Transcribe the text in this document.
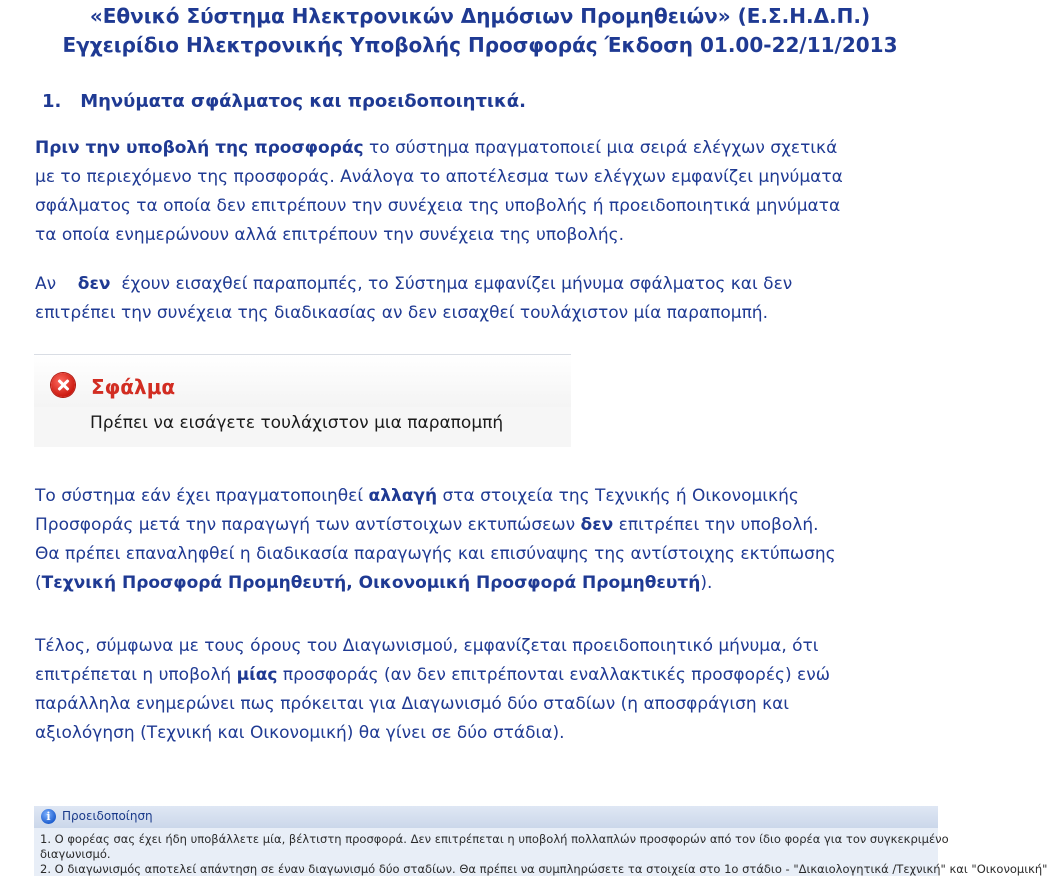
«Εθνικό Σύστημα Ηλεκτρονικών Δημόσιων Προμηθειών» (Ε.Σ.Η.Δ.Π.)
Εγχειρίδιο Ηλεκτρονικής Υποβολής Προσφοράς Έκδοση 01.00-22/11/2013
1. Μηνύματα σφάλματος και προειδοποιητικά.
Πριν την υποβολή της προσφοράς το σύστημα πραγματοποιεί μια σειρά ελέγχων σχετικά
με το περιεχόμενο της προσφοράς. Ανάλογα το αποτέλεσμα των ελέγχων εμφανίζει μηνύματα
σφάλματος τα οποία δεν επιτρέπουν την συνέχεια της υποβολής ή προειδοποιητικά μηνύματα
τα οποία ενημερώνουν αλλά επιτρέπουν την συνέχεια της υποβολής.
Αν δεν έχουν εισαχθεί παραπομπές, το Σύστημα εμφανίζει μήνυμα σφάλματος και δεν
επιτρέπει την συνέχεια της διαδικασίας αν δεν εισαχθεί τουλάχιστον μία παραπομπή.
Σφάλμα
Πρέπει να εισάγετε τουλάχιστον μια παραπομπή
Το σύστημα εάν έχει πραγματοποιηθεί αλλαγή στα στοιχεία της Τεχνικής ή Οικονομικής
Προσφοράς μετά την παραγωγή των αντίστοιχων εκτυπώσεων δεν επιτρέπει την υποβολή.
Θα πρέπει επαναληφθεί η διαδικασία παραγωγής και επισύναψης της αντίστοιχης εκτύπωσης
(Τεχνική Προσφορά Προμηθευτή, Οικονομική Προσφορά Προμηθευτή).
Τέλος, σύμφωνα με τους όρους του Διαγωνισμού, εμφανίζεται προειδοποιητικό μήνυμα, ότι
επιτρέπεται η υποβολή μίας προσφοράς (αν δεν επιτρέπονται εναλλακτικές προσφορές) ενώ
παράλληλα ενημερώνει πως πρόκειται για Διαγωνισμό δύο σταδίων (η αποσφράγιση και
αξιολόγηση (Τεχνική και Οικονομική) θα γίνει σε δύο στάδια).
i
Προειδοποίηση
1. Ο φορέας σας έχει ήδη υποβάλλετε μία, βέλτιστη προσφορά. Δεν επιτρέπεται η υποβολή πολλαπλών προσφορών από τον ίδιο φορέα για τον συγκεκριμένο
διαγωνισμό.
2. Ο διαγωνισμός αποτελεί απάντηση σε έναν διαγωνισμό δύο σταδίων. Θα πρέπει να συμπληρώσετε τα στοιχεία στο 1ο στάδιο - "Δικαιολογητικά /Τεχνική" και "Οικονομική"
